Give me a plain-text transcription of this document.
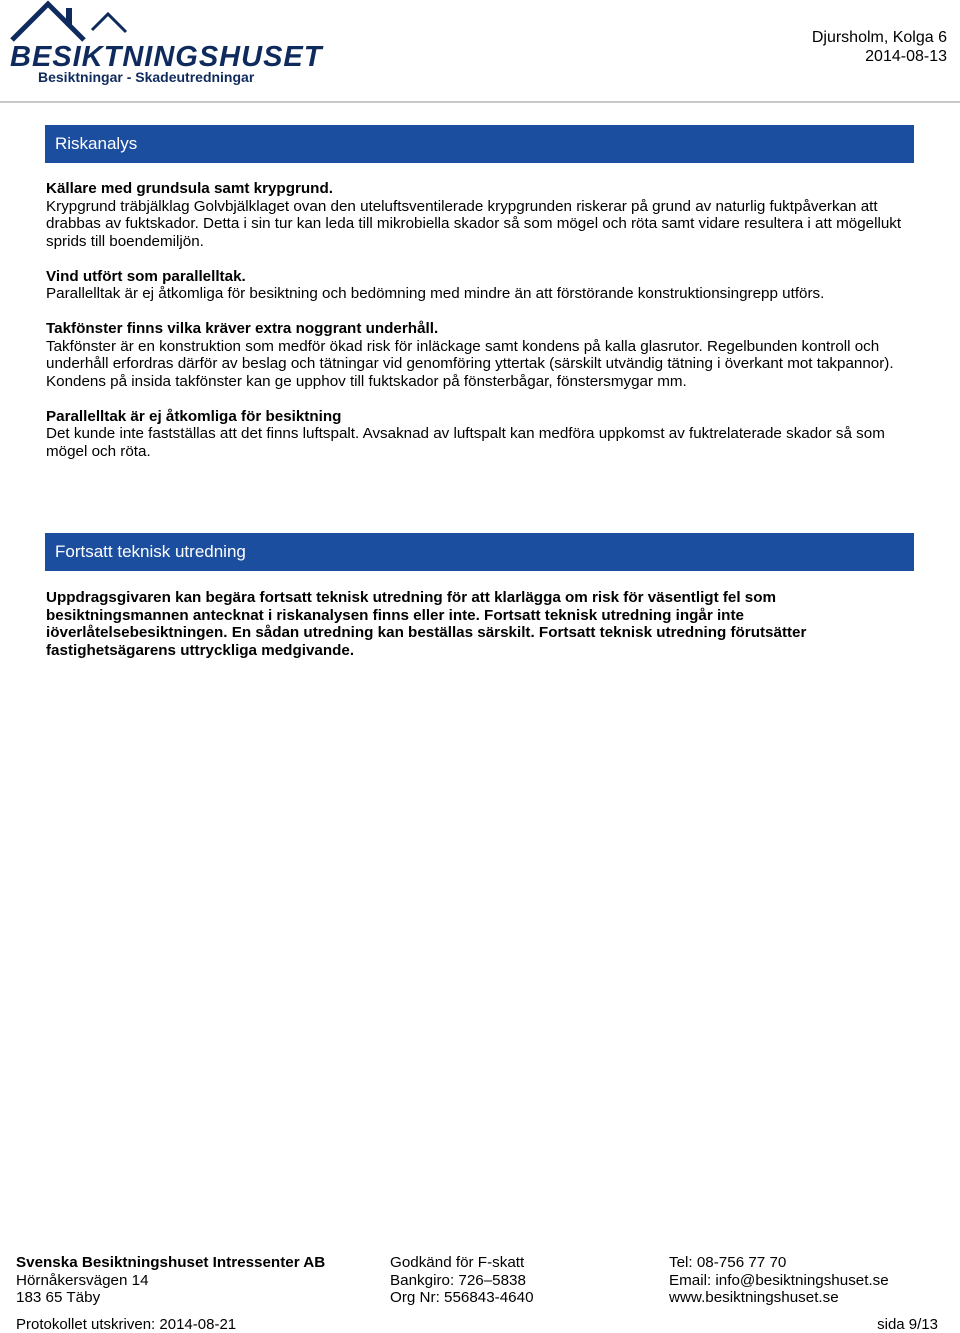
BESIKTNINGSHUSET
Besiktningar - Skadeutredningar
Djursholm, Kolga 6
2014-08-13
Riskanalys

Källare med grundsula samt krypgrund.

Krypgrund träbjälklag Golvbjälklaget ovan den uteluftsventilerade krypgrunden riskerar på grund av naturlig fuktpåverkan att drabbas av fuktskador. Detta i sin tur kan leda till mikrobiella skador så som mögel och röta samt vidare resultera i att mögellukt sprids till boendemiljön.

Vind utfört som parallelltak.

Parallelltak är ej åtkomliga för besiktning och bedömning med mindre än att förstörande konstruktionsingrepp utförs.

Takfönster finns vilka kräver extra noggrant underhåll.

Takfönster är en konstruktion som medför ökad risk för inläckage samt kondens på kalla glasrutor. Regelbunden kontroll och underhåll erfordras därför av beslag och tätningar vid genomföring yttertak (särskilt utvändig tätning i överkant mot takpannor). Kondens på insida takfönster kan ge upphov till fuktskador på fönsterbågar, fönstersmygar mm.

Parallelltak är ej åtkomliga för besiktning

Det kunde inte fastställas att det finns luftspalt. Avsaknad av luftspalt kan medföra uppkomst av fuktrelaterade skador så som mögel och röta.

Fortsatt teknisk utredning

Uppdragsgivaren kan begära fortsatt teknisk utredning för att klarlägga om risk för väsentligt fel som besiktningsmannen antecknat i riskanalysen finns eller inte. Fortsatt teknisk utredning ingår inte iöverlåtelsebesiktningen. En sådan utredning kan beställas särskilt. Fortsatt teknisk utredning förutsätter fastighetsägarens uttryckliga medgivande.

Svenska Besiktningshuset Intressenter AB
Hörnåkersvägen 14
183 65 Täby
Godkänd för F-skatt
Bankgiro: 726–5838
Org Nr: 556843-4640
Tel: 08-756 77 70
Email: info@besiktningshuset.se
www.besiktningshuset.se
Protokollet utskriven: 2014-08-21	sida 9/13
